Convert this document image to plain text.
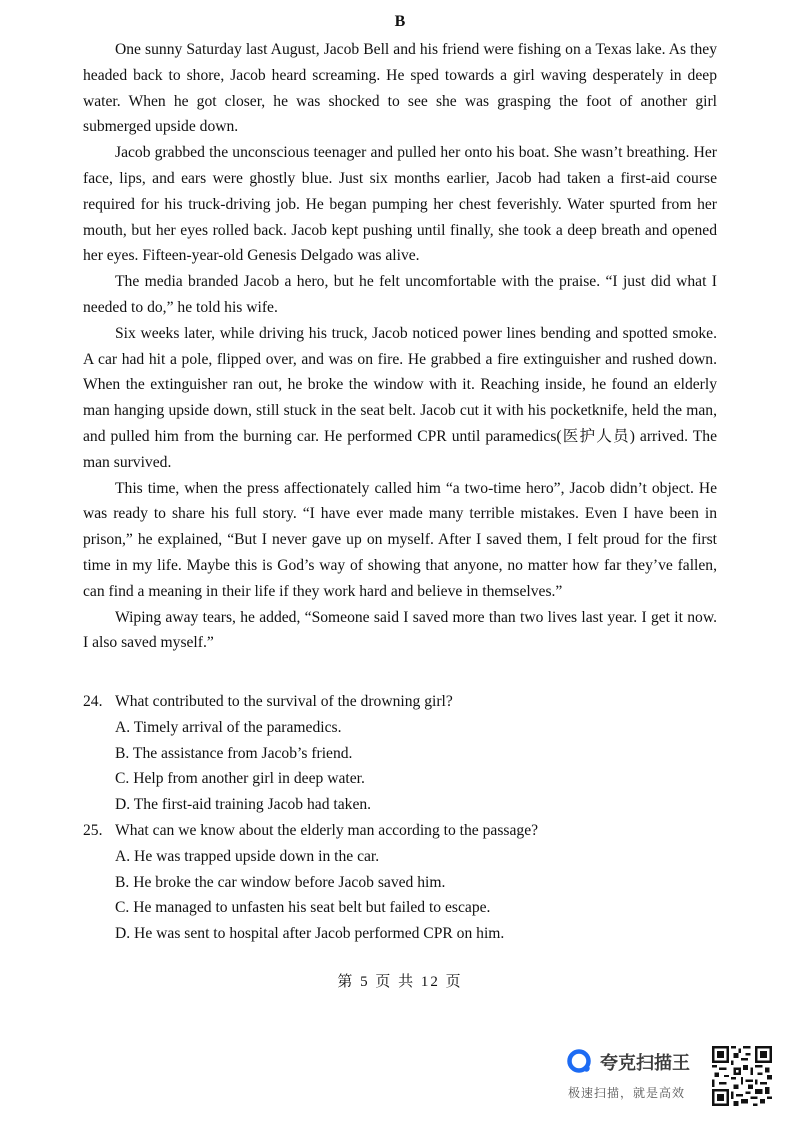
B

One sunny Saturday last August, Jacob Bell and his friend were fishing on a Texas lake. As they headed back to shore, Jacob heard screaming. He sped towards a girl waving desperately in deep water. When he got closer, he was shocked to see she was grasping the foot of another girl submerged upside down.

Jacob grabbed the unconscious teenager and pulled her onto his boat. She wasn’t breathing. Her face, lips, and ears were ghostly blue. Just six months earlier, Jacob had taken a first-aid course required for his truck-driving job. He began pumping her chest feverishly. Water spurted from her mouth, but her eyes rolled back. Jacob kept pushing until finally, she took a deep breath and opened her eyes. Fifteen-year-old Genesis Delgado was alive.

The media branded Jacob a hero, but he felt uncomfortable with the praise. “I just did what I needed to do,” he told his wife.

Six weeks later, while driving his truck, Jacob noticed power lines bending and spotted smoke. A car had hit a pole, flipped over, and was on fire. He grabbed a fire extinguisher and rushed down. When the extinguisher ran out, he broke the window with it. Reaching inside, he found an elderly man hanging upside down, still stuck in the seat belt. Jacob cut it with his pocketknife, held the man, and pulled him from the burning car. He performed CPR until paramedics(医护人员) arrived. The man survived.

This time, when the press affectionately called him “a two-time hero”, Jacob didn’t object. He was ready to share his full story. “I have ever made many terrible mistakes. Even I have been in prison,” he explained, “But I never gave up on myself. After I saved them, I felt proud for the first time in my life. Maybe this is God’s way of showing that anyone, no matter how far they’ve fallen, can find a meaning in their life if they work hard and believe in themselves.”

Wiping away tears, he added, “Someone said I saved more than two lives last year. I get it now. I also saved myself.”

24. What contributed to the survival of the drowning girl?

A. Timely arrival of the paramedics.
B. The assistance from Jacob’s friend.
C. Help from another girl in deep water.
D. The first-aid training Jacob had taken.

25. What can we know about the elderly man according to the passage?

A. He was trapped upside down in the car.
B. He broke the car window before Jacob saved him.
C. He managed to unfasten his seat belt but failed to escape.
D. He was sent to hospital after Jacob performed CPR on him.
第 5 页 共 12 页
夸克扫描王
极速扫描，就是高效
